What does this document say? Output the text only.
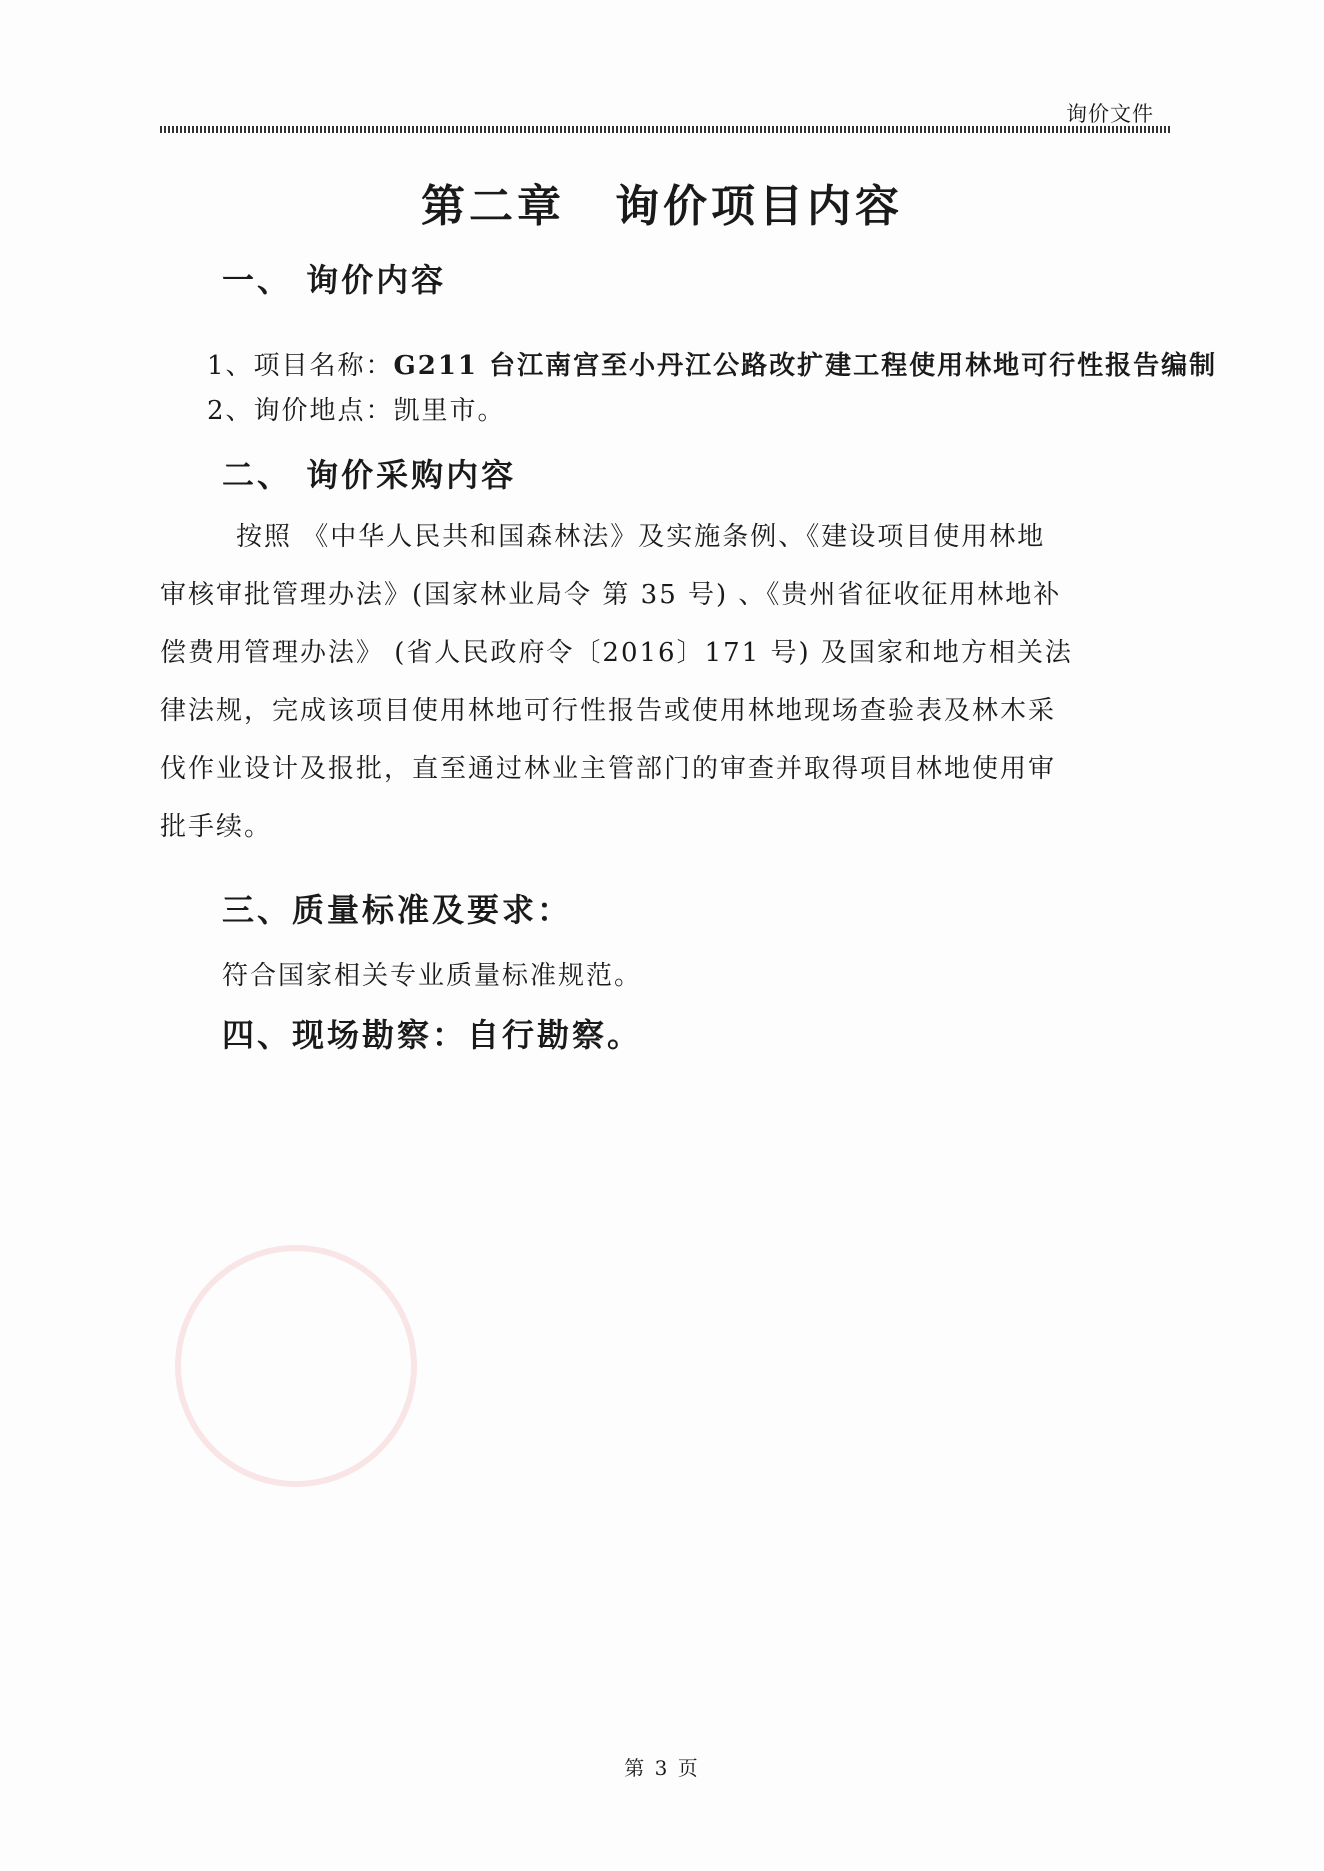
询价文件
第二章 询价项目内容
一、 询价内容
1、项目名称：G211 台江南宫至小丹江公路改扩建工程使用林地可行性报告编制
2、询价地点：凯里市。
二、 询价采购内容
　按照 《中华人民共和国森林法》及实施条例、《建设项目使用林地
审核审批管理办法》(国家林业局令 第 35 号) 、《贵州省征收征用林地补
偿费用管理办法》 (省人民政府令〔2016〕171 号) 及国家和地方相关法
律法规，完成该项目使用林地可行性报告或使用林地现场查验表及林木采
伐作业设计及报批，直至通过林业主管部门的审查并取得项目林地使用审
批手续。
三、质量标准及要求：
符合国家相关专业质量标准规范。
四、现场勘察：自行勘察。
第 3 页
